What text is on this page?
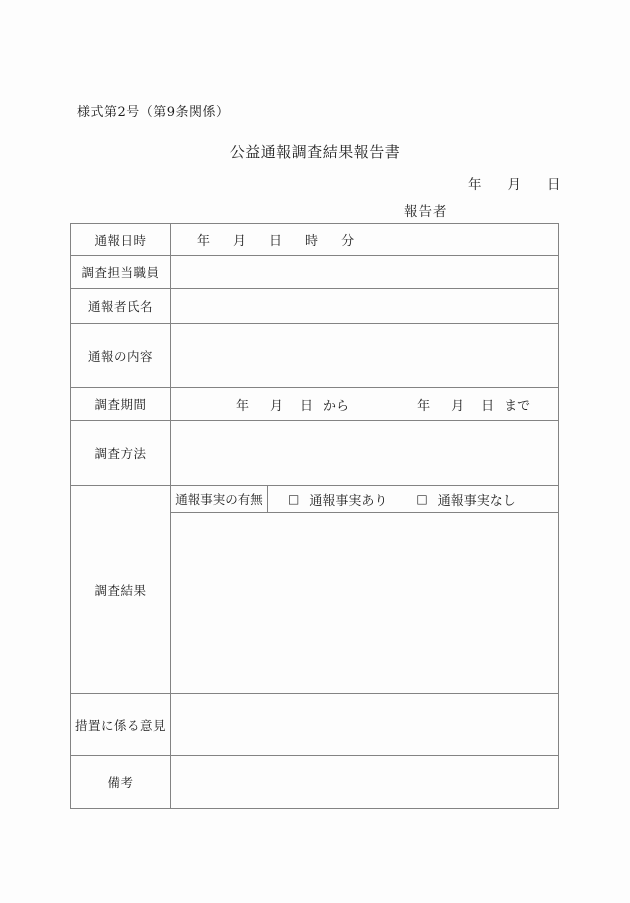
様式第2号（第9条関係）
公益通報調査結果報告書
年 月 日
報告者
通報日時	年 月 日 時 分

調査担当職員	
通報者氏名	
通報の内容	
調査期間	年 月 日 から	年 月 日 まで

調査方法	
調査結果	通報事実の有無 □ 通報事実あり □ 通報事実なし

措置に係る意見	
備考	
